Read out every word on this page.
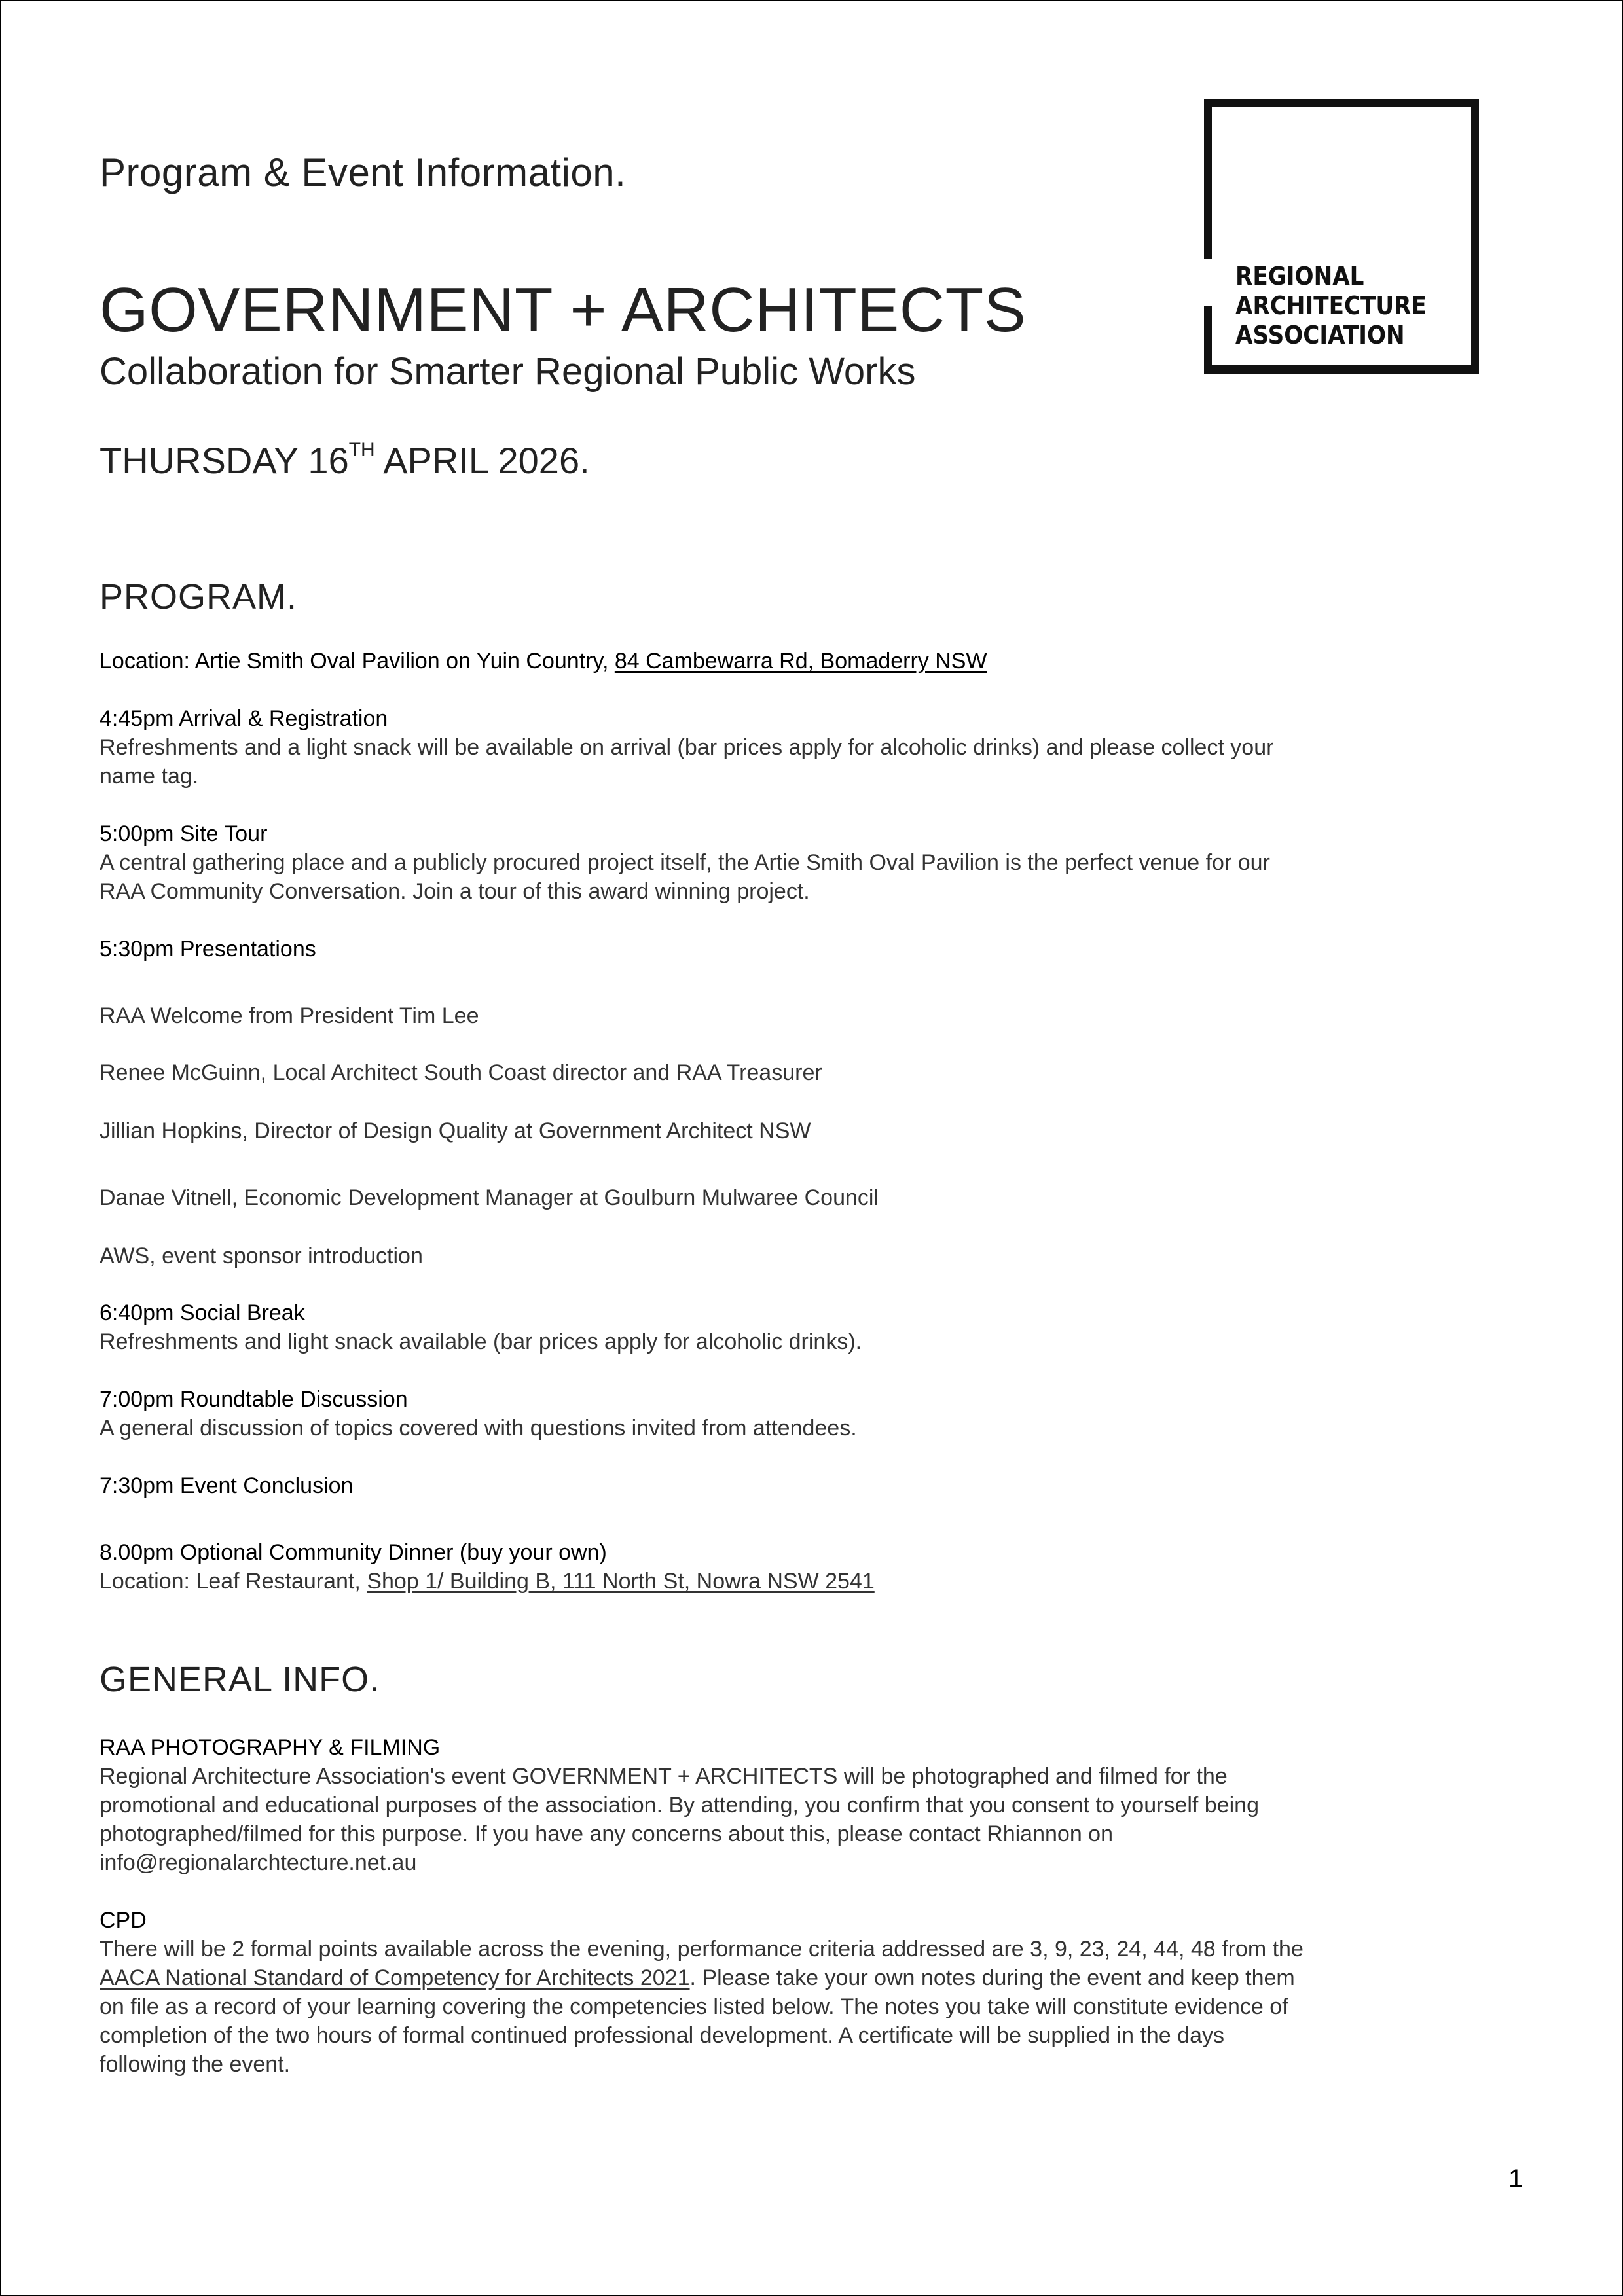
REGIONAL
ARCHITECTURE
ASSOCIATION

Program & Event Information.
GOVERNMENT + ARCHITECTS

Collaboration for Smarter Regional Public Works

THURSDAY 16TH APRIL 2026.

PROGRAM.

Location: Artie Smith Oval Pavilion on Yuin Country, 84 Cambewarra Rd, Bomaderry NSW

4:45pm Arrival & Registration

Refreshments and a light snack will be available on arrival (bar prices apply for alcoholic drinks) and please collect your
name tag.

5:00pm Site Tour

A central gathering place and a publicly procured project itself, the Artie Smith Oval Pavilion is the perfect venue for our
RAA Community Conversation. Join a tour of this award winning project.

5:30pm Presentations

RAA Welcome from President Tim Lee

Renee McGuinn, Local Architect South Coast director and RAA Treasurer

Jillian Hopkins, Director of Design Quality at Government Architect NSW

Danae Vitnell, Economic Development Manager at Goulburn Mulwaree Council

AWS, event sponsor introduction

6:40pm Social Break

Refreshments and light snack available (bar prices apply for alcoholic drinks).

7:00pm Roundtable Discussion

A general discussion of topics covered with questions invited from attendees.

7:30pm Event Conclusion

8.00pm Optional Community Dinner (buy your own)

Location: Leaf Restaurant, Shop 1/ Building B, 111 North St, Nowra NSW 2541

GENERAL INFO.

RAA PHOTOGRAPHY & FILMING

Regional Architecture Association's event GOVERNMENT + ARCHITECTS will be photographed and filmed for the
promotional and educational purposes of the association. By attending, you confirm that you consent to yourself being
photographed/filmed for this purpose. If you have any concerns about this, please contact Rhiannon on
info@regionalarchtecture.net.au

CPD

There will be 2 formal points available across the evening, performance criteria addressed are 3, 9, 23, 24, 44, 48 from the
AACA National Standard of Competency for Architects 2021. Please take your own notes during the event and keep them
on file as a record of your learning covering the competencies listed below. The notes you take will constitute evidence of
completion of the two hours of formal continued professional development. A certificate will be supplied in the days
following the event.

1
